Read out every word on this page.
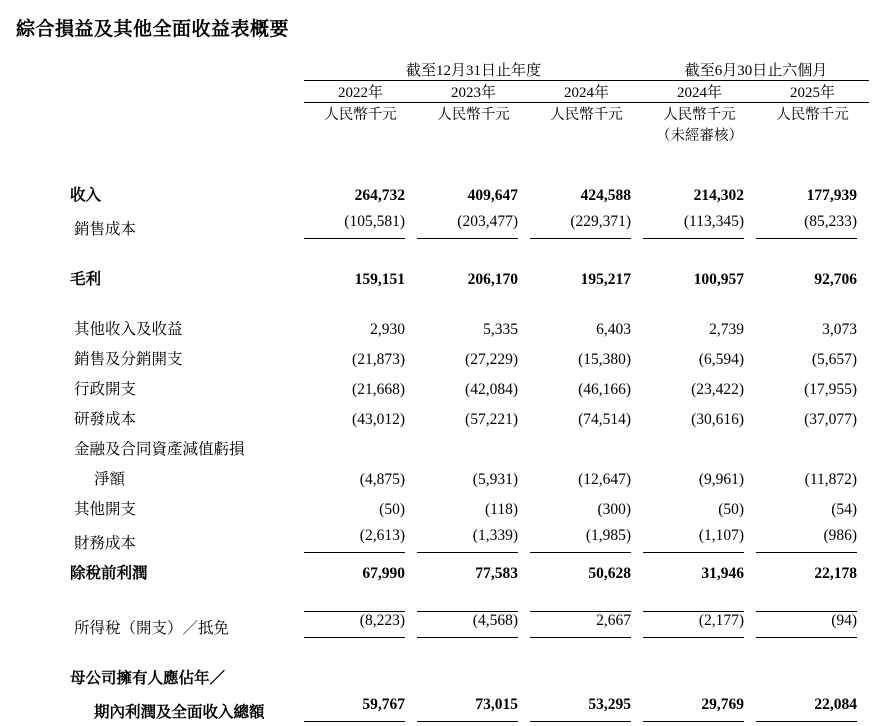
綜合損益及其他全面收益表概要
	截至12月31日止年度			截至6月30日止六個月	

	2022年	2023年	2024年	2024年	2025年

	人民幣千元	人民幣千元	人民幣千元	人民幣千元	人民幣千元
				（未經審核）	

收入	264,732	409,647	424,588	214,302	177,939
銷售成本	(105,581)	(203,477)	(229,371)	(113,345)	(85,233)

毛利	159,151	206,170	195,217	100,957	92,706

其他收入及收益	2,930	5,335	6,403	2,739	3,073
銷售及分銷開支	(21,873)	(27,229)	(15,380)	(6,594)	(5,657)
行政開支	(21,668)	(42,084)	(46,166)	(23,422)	(17,955)
研發成本	(43,012)	(57,221)	(74,514)	(30,616)	(37,077)
金融及合同資產減值虧損					
淨額	(4,875)	(5,931)	(12,647)	(9,961)	(11,872)
其他開支	(50)	(118)	(300)	(50)	(54)
財務成本	(2,613)	(1,339)	(1,985)	(1,107)	(986)

除稅前利潤	67,990	77,583	50,628	31,946	22,178

所得稅（開支）／抵免	(8,223)	(4,568)	2,667	(2,177)	(94)

母公司擁有人應佔年／					
期內利潤及全面收入總額	59,767	73,015	53,295	29,769	22,084
